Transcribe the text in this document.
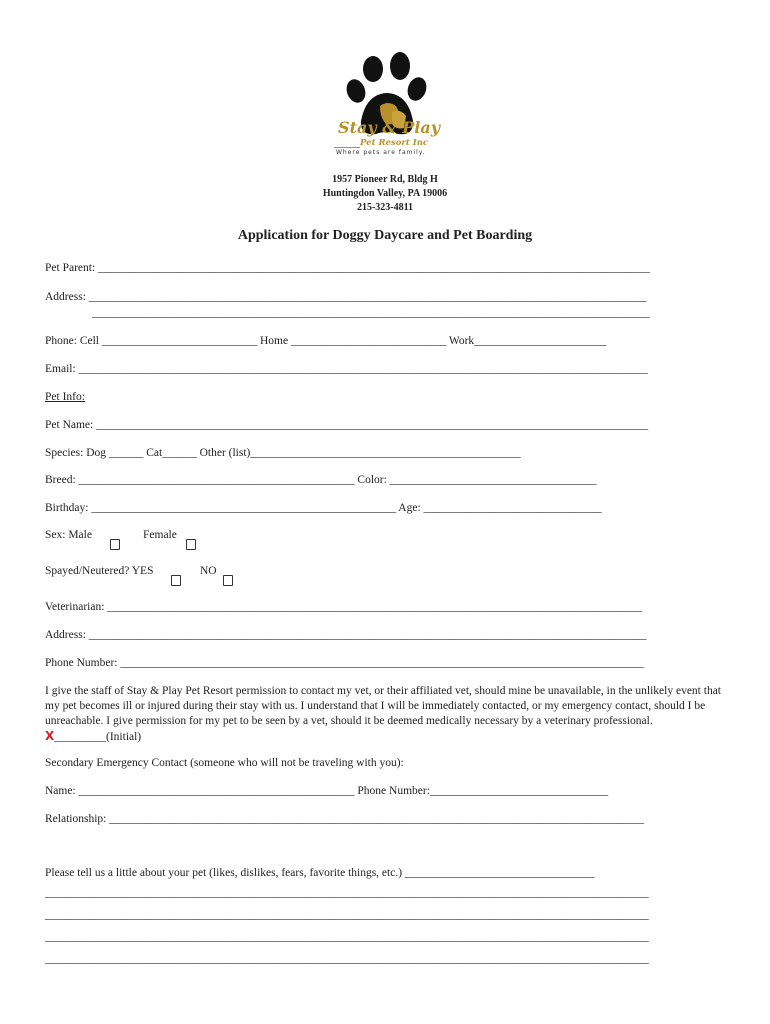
Stay & Play
Pet Resort Inc
Where pets are family.
1957 Pioneer Rd, Bldg H
Huntingdon Valley, PA 19006
215-323-4811
Application for Doggy Daycare and Pet Boarding
Pet Parent: ________________________________________________________________________________________________
Address: _________________________________________________________________________________________________
_________________________________________________________________________________________________
Phone: Cell ___________________________ Home ___________________________ Work_______________________
Email: ___________________________________________________________________________________________________
Pet Info:
Pet Name: ________________________________________________________________________________________________
Species: Dog ______ Cat______ Other (list)_______________________________________________
Breed: ________________________________________________ Color: ____________________________________
Birthday: _____________________________________________________ Age: _______________________________
Sex: Male	Female
Spayed/Neutered? YES	NO
Veterinarian: _____________________________________________________________________________________________
Address: _________________________________________________________________________________________________
Phone Number: ___________________________________________________________________________________________
I give the staff of Stay & Play Pet Resort permission to contact my vet, or their affiliated vet, should mine be unavailable, in the unlikely event that my pet becomes ill or injured during their stay with us. I understand that I will be immediately contacted, or my emergency contact, should I be unreachable. I give permission for my pet to be seen by a vet, should it be deemed medically necessary by a veterinary professional. X_________(Initial)
Secondary Emergency Contact (someone who will not be traveling with you):
Name: ________________________________________________ Phone Number:_______________________________
Relationship: _____________________________________________________________________________________________
Please tell us a little about your pet (likes, dislikes, fears, favorite things, etc.) _________________________________
_________________________________________________________________________________________________________
_________________________________________________________________________________________________________
_________________________________________________________________________________________________________
_________________________________________________________________________________________________________
